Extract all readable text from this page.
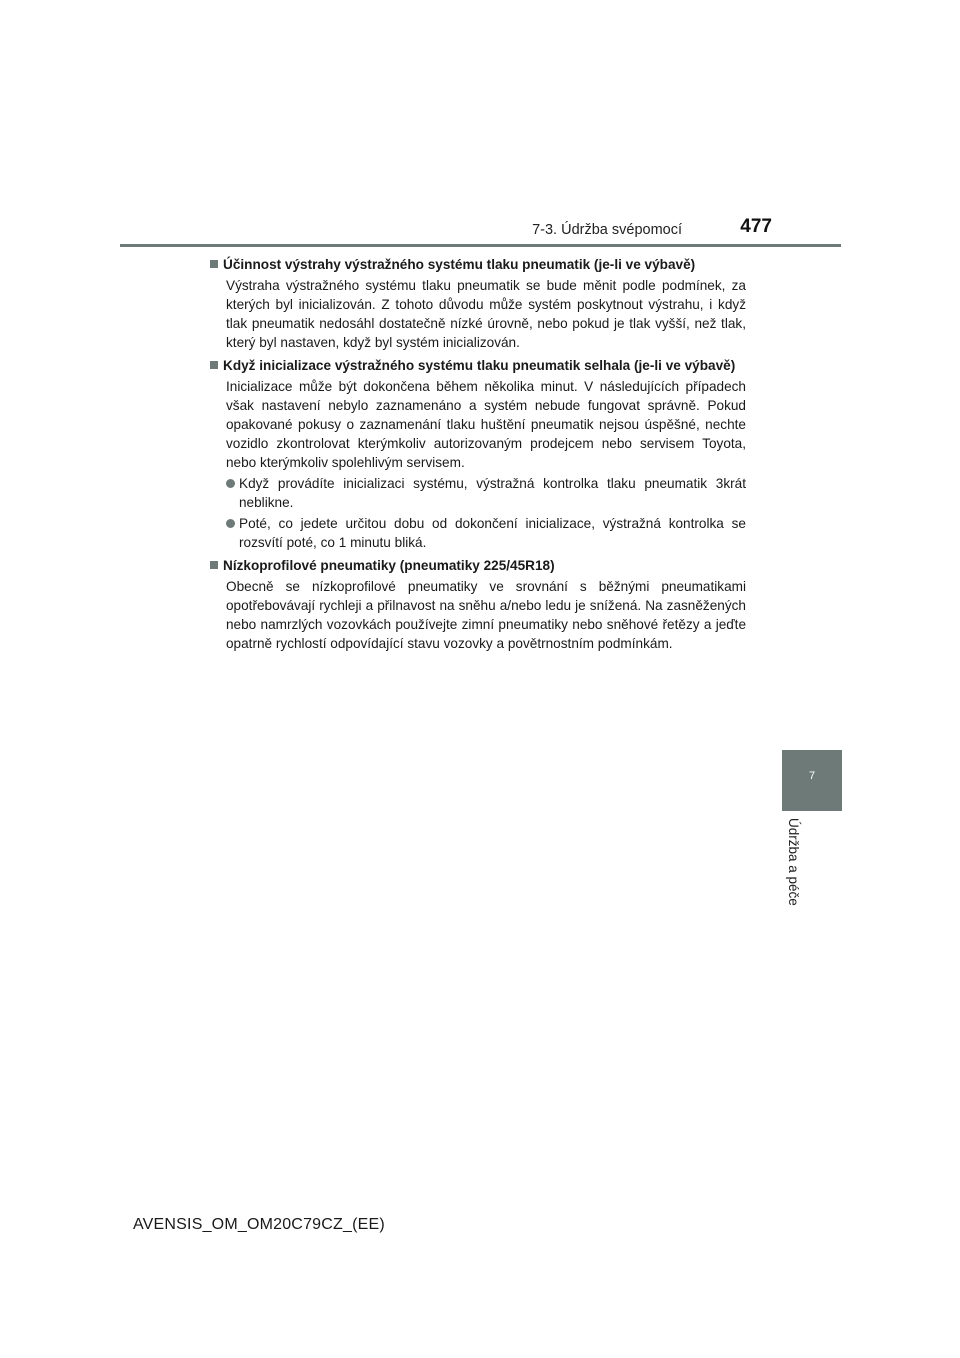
7-3. Údržba svépomocí	477
Účinnost výstrahy výstražného systému tlaku pneumatik (je-li ve výbavě)
Výstraha výstražného systému tlaku pneumatik se bude měnit podle podmínek, za kterých byl inicializován. Z tohoto důvodu může systém poskytnout výstrahu, i když tlak pneumatik nedosáhl dostatečně nízké úrovně, nebo pokud je tlak vyšší, než tlak, který byl nastaven, když byl systém inicializován.
Když inicializace výstražného systému tlaku pneumatik selhala (je-li ve výbavě)
Inicializace může být dokončena během několika minut. V následujících případech však nastavení nebylo zaznamenáno a systém nebude fungovat správně. Pokud opakované pokusy o zaznamenání tlaku huštění pneumatik nejsou úspěšné, nechte vozidlo zkontrolovat kterýmkoliv autorizovaným prodejcem nebo servisem Toyota, nebo kterýmkoliv spolehlivým servisem.
Když provádíte inicializaci systému, výstražná kontrolka tlaku pneumatik 3krát neblikne.
Poté, co jedete určitou dobu od dokončení inicializace, výstražná kontrolka se rozsvítí poté, co 1 minutu bliká.
Nízkoprofilové pneumatiky (pneumatiky 225/45R18)
Obecně se nízkoprofilové pneumatiky ve srovnání s běžnými pneumatikami opotřebovávají rychleji a přilnavost na sněhu a/nebo ledu je snížená. Na zasněžených nebo namrzlých vozovkách používejte zimní pneumatiky nebo sněhové řetězy a jeďte opatrně rychlostí odpovídající stavu vozovky a povětrnostním podmínkám.
7
Údržba a péče
AVENSIS_OM_OM20C79CZ_(EE)
